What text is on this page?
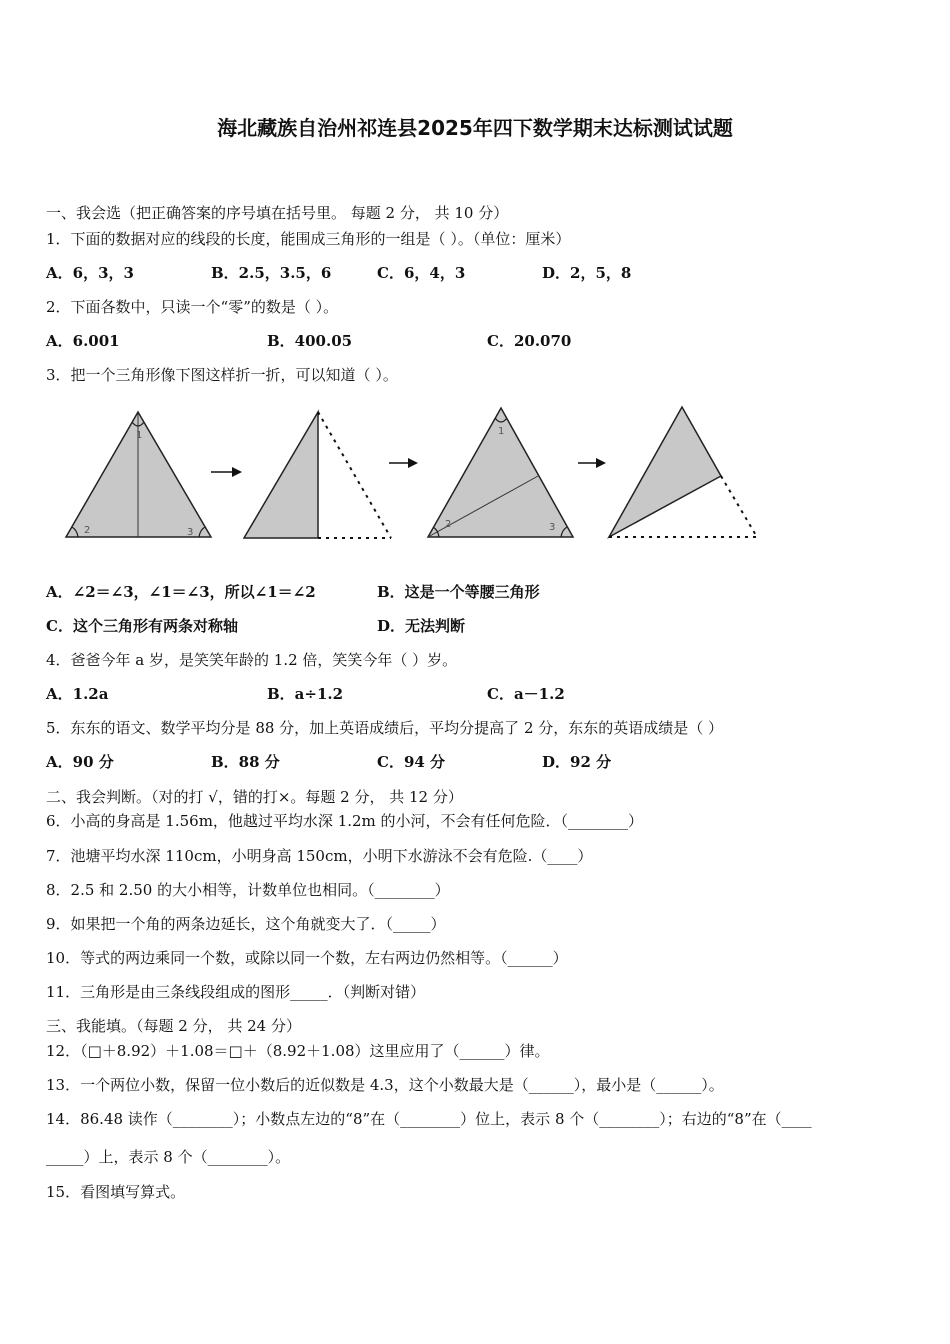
海北藏族自治州祁连县2025年四下数学期末达标测试试题
一、我会选（把正确答案的序号填在括号里。 每题 2 分， 共 10 分）
1．下面的数据对应的线段的长度，能围成三角形的一组是（ ）。（单位：厘米）
A．6，3，3	B．2.5，3.5，6	C．6，4，3	D．2，5，8
2．下面各数中，只读一个“零”的数是（ ）。
A．6.001	B．400.05	C．20.070
3．把一个三角形像下图这样折一折，可以知道（ ）。
1
2	3
1
2	3
A．∠2＝∠3，∠1＝∠3，所以∠1＝∠2	B．这是一个等腰三角形
C．这个三角形有两条对称轴	D．无法判断
4．爸爸今年 a 岁，是笑笑年龄的 1.2 倍，笑笑今年（ ）岁。
A．1.2a	B．a÷1.2	C．a－1.2
5．东东的语文、数学平均分是 88 分，加上英语成绩后，平均分提高了 2 分，东东的英语成绩是（ ）
A．90 分	B．88 分	C．94 分	D．92 分
二、我会判断。（对的打 √，错的打×。每题 2 分， 共 12 分）
6．小高的身高是 1.56m，他越过平均水深 1.2m 的小河，不会有任何危险．（________）
7．池塘平均水深 110cm，小明身高 150cm，小明下水游泳不会有危险.（____）
8．2.5 和 2.50 的大小相等，计数单位也相同。（________）
9．如果把一个角的两条边延长，这个角就变大了．（_____）
10．等式的两边乘同一个数，或除以同一个数，左右两边仍然相等。（______）
11．三角形是由三条线段组成的图形_____．（判断对错）
三、我能填。（每题 2 分， 共 24 分）
12．（□＋8.92）＋1.08＝□＋（8.92＋1.08）这里应用了（______）律。
13．一个两位小数，保留一位小数后的近似数是 4.3，这个小数最大是（______），最小是（______）。
14．86.48 读作（________）；小数点左边的“8”在（________）位上，表示 8 个（________）；右边的“8”在（____
_____）上，表示 8 个（________）。
15．看图填写算式。
